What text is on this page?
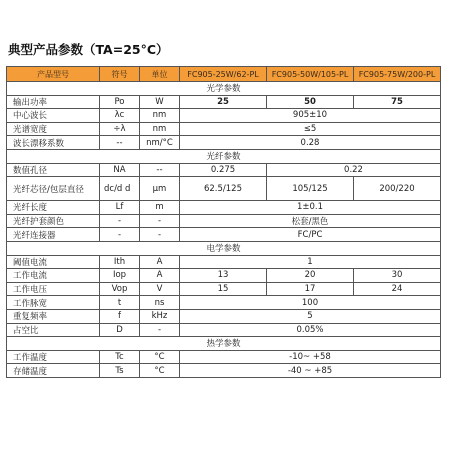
典型产品参数（TA=25°C）
产品型号	符号	单位	FC905-25W/62-PL	FC905-50W/105-PL	FC905-75W/200-PL
光学参数					
输出功率	Po	W	25	50	75
中心波长	λc	nm	905±10		
光谱宽度	÷λ	nm	≤5		
波长漂移系数	--	nm/°C	0.28		
光纤参数					
数值孔径	NA	--	0.275	0.22	
光纤芯径/包层直径	dc/d d	μm	62.5/125	105/125	200/220
光纤长度	Lf	m	1±0.1		
光纤护套颜色	-	-	松套/黑色		
光纤连接器	-	-	FC/PC		
电学参数					
阈值电流	Ith	A	1		
工作电流	Iop	A	13	20	30
工作电压	Vop	V	15	17	24
工作脉宽	t	ns	100		
重复频率	f	kHz	5		
占空比	D	-	0.05%		
热学参数					
工作温度	Tc	°C	-10~ +58		
存储温度	Ts	°C	-40 ~ +85		
